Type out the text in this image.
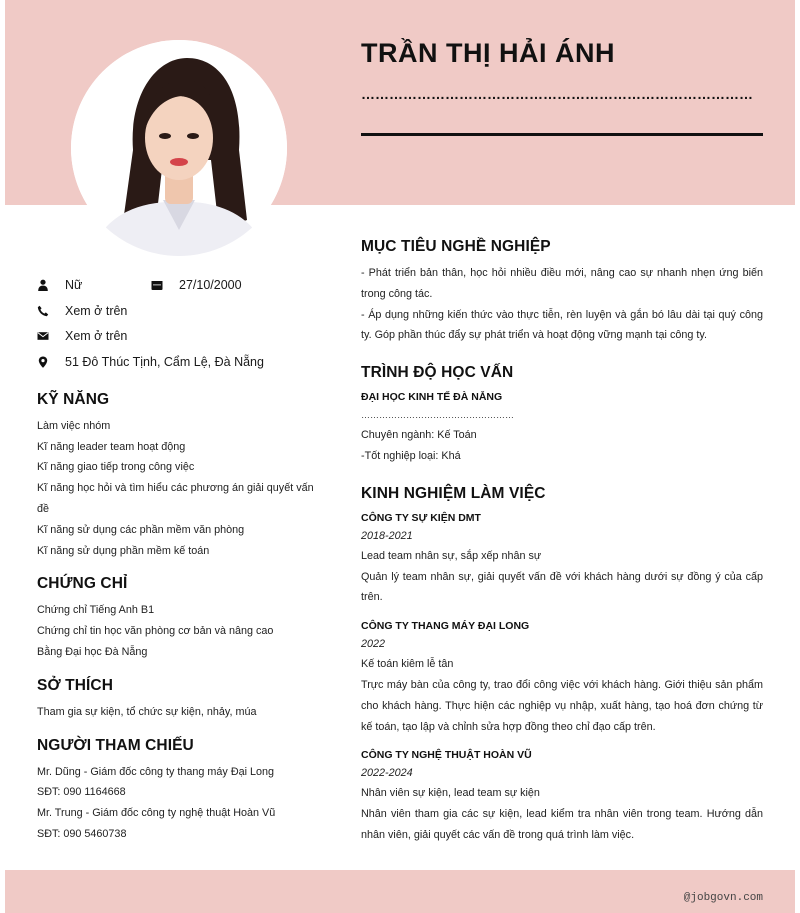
TRẦN THỊ HẢI ÁNH
…………………………………………………………………………
Nữ	27/10/2000
Xem ở trên
Xem ở trên
51 Đô Thúc Tịnh, Cẩm Lệ, Đà Nẵng
KỸ NĂNG
Làm việc nhóm
Kĩ năng leader team hoạt động
Kĩ năng giao tiếp trong công việc
Kĩ năng học hỏi và tìm hiểu các phương án giải quyết vấn đề
Kĩ năng sử dụng các phần mềm văn phòng
Kĩ năng sử dụng phần mềm kế toán
CHỨNG CHỈ
Chứng chỉ Tiếng Anh B1
Chứng chỉ tin học văn phòng cơ bản và nâng cao
Bằng Đại học Đà Nẵng
SỞ THÍCH
Tham gia sự kiện, tổ chức sự kiện, nhảy, múa
NGƯỜI THAM CHIẾU
Mr. Dũng - Giám đốc công ty thang máy Đại Long
SĐT: 090 1164668
Mr. Trung - Giám đốc công ty nghệ thuật Hoàn Vũ
SĐT: 090 5460738
MỤC TIÊU NGHỀ NGHIỆP
- Phát triển bản thân, học hỏi nhiều điều mới, nâng cao sự nhanh nhẹn ứng biến trong công tác.
- Áp dụng những kiến thức vào thực tiễn, rèn luyện và gắn bó lâu dài tại quý công ty. Góp phần thúc đẩy sự phát triển và hoạt động vững mạnh tại công ty.
TRÌNH ĐỘ HỌC VẤN
ĐẠI HỌC KINH TẾ ĐÀ NẴNG
……………………………………………
Chuyên ngành: Kế Toán
-Tốt nghiệp loại: Khá
KINH NGHIỆM LÀM VIỆC
CÔNG TY SỰ KIỆN DMT
2018-2021
Lead team nhân sự, sắp xếp nhân sự
Quản lý team nhân sự, giải quyết vấn đề với khách hàng dưới sự đồng ý của cấp trên.
CÔNG TY THANG MÁY ĐẠI LONG
2022
Kế toán kiêm lễ tân
Trực máy bàn của công ty, trao đổi công việc với khách hàng. Giới thiệu sản phẩm cho khách hàng. Thực hiện các nghiệp vụ nhập, xuất hàng, tạo hoá đơn chứng từ kế toán, tạo lập và chỉnh sửa hợp đồng theo chỉ đạo cấp trên.
CÔNG TY NGHỆ THUẬT HOÀN VŨ
2022-2024
Nhân viên sự kiện, lead team sự kiện
Nhân viên tham gia các sự kiện, lead kiểm tra nhân viên trong team. Hướng dẫn nhân viên, giải quyết các vấn đề trong quá trình làm việc.
@jobgovn.com
